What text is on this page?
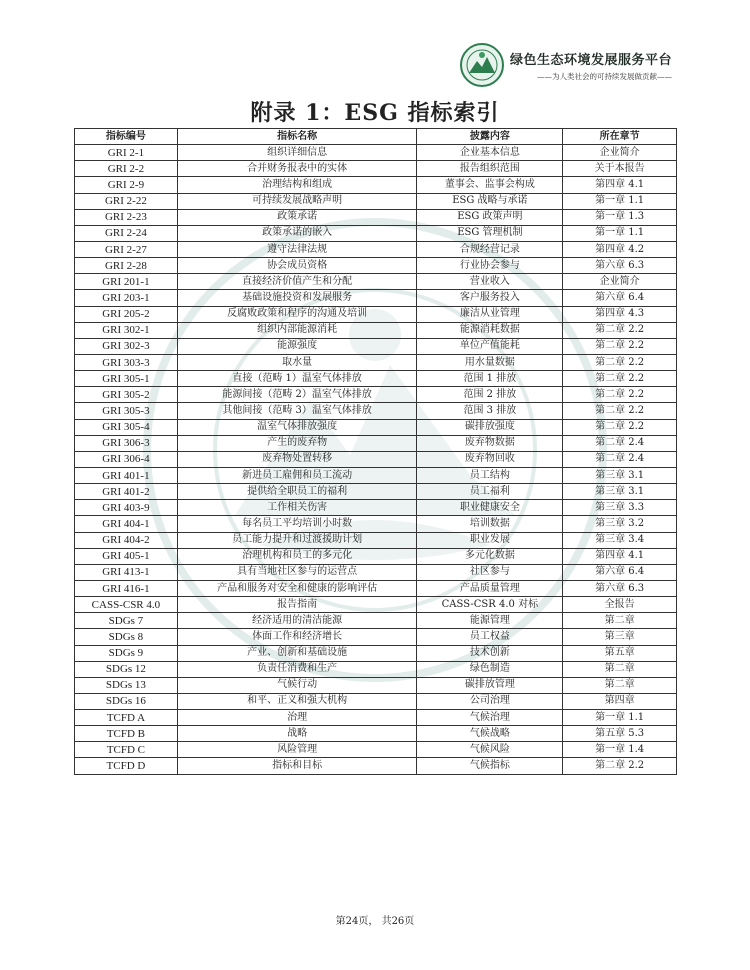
绿色生态环境发展服务平台
——为人类社会的可持续发展做贡献——
附录 1：ESG 指标索引
指标编号	指标名称	披露内容	所在章节
GRI 2-1	组织详细信息	企业基本信息	企业简介
GRI 2-2	合并财务报表中的实体	报告组织范围	关于本报告
GRI 2-9	治理结构和组成	董事会、监事会构成	第四章 4.1
GRI 2-22	可持续发展战略声明	ESG 战略与承诺	第一章 1.1
GRI 2-23	政策承诺	ESG 政策声明	第一章 1.3
GRI 2-24	政策承诺的嵌入	ESG 管理机制	第一章 1.1
GRI 2-27	遵守法律法规	合规经营记录	第四章 4.2
GRI 2-28	协会成员资格	行业协会参与	第六章 6.3
GRI 201-1	直接经济价值产生和分配	营业收入	企业简介
GRI 203-1	基础设施投资和发展服务	客户服务投入	第六章 6.4
GRI 205-2	反腐败政策和程序的沟通及培训	廉洁从业管理	第四章 4.3
GRI 302-1	组织内部能源消耗	能源消耗数据	第二章 2.2
GRI 302-3	能源强度	单位产值能耗	第二章 2.2
GRI 303-3	取水量	用水量数据	第二章 2.2
GRI 305-1	直接（范畴 1）温室气体排放	范围 1 排放	第二章 2.2
GRI 305-2	能源间接（范畴 2）温室气体排放	范围 2 排放	第二章 2.2
GRI 305-3	其他间接（范畴 3）温室气体排放	范围 3 排放	第二章 2.2
GRI 305-4	温室气体排放强度	碳排放强度	第二章 2.2
GRI 306-3	产生的废弃物	废弃物数据	第二章 2.4
GRI 306-4	废弃物处置转移	废弃物回收	第二章 2.4
GRI 401-1	新进员工雇佣和员工流动	员工结构	第三章 3.1
GRI 401-2	提供给全职员工的福利	员工福利	第三章 3.1
GRI 403-9	工作相关伤害	职业健康安全	第三章 3.3
GRI 404-1	每名员工平均培训小时数	培训数据	第三章 3.2
GRI 404-2	员工能力提升和过渡援助计划	职业发展	第三章 3.4
GRI 405-1	治理机构和员工的多元化	多元化数据	第四章 4.1
GRI 413-1	具有当地社区参与的运营点	社区参与	第六章 6.4
GRI 416-1	产品和服务对安全和健康的影响评估	产品质量管理	第六章 6.3
CASS-CSR 4.0	报告指南	CASS-CSR 4.0 对标	全报告
SDGs 7	经济适用的清洁能源	能源管理	第二章
SDGs 8	体面工作和经济增长	员工权益	第三章
SDGs 9	产业、创新和基础设施	技术创新	第五章
SDGs 12	负责任消费和生产	绿色制造	第二章
SDGs 13	气候行动	碳排放管理	第二章
SDGs 16	和平、正义和强大机构	公司治理	第四章
TCFD A	治理	气候治理	第一章 1.1
TCFD B	战略	气候战略	第五章 5.3
TCFD C	风险管理	气候风险	第一章 1.4
TCFD D	指标和目标	气候指标	第二章 2.2
第24页， 共26页
